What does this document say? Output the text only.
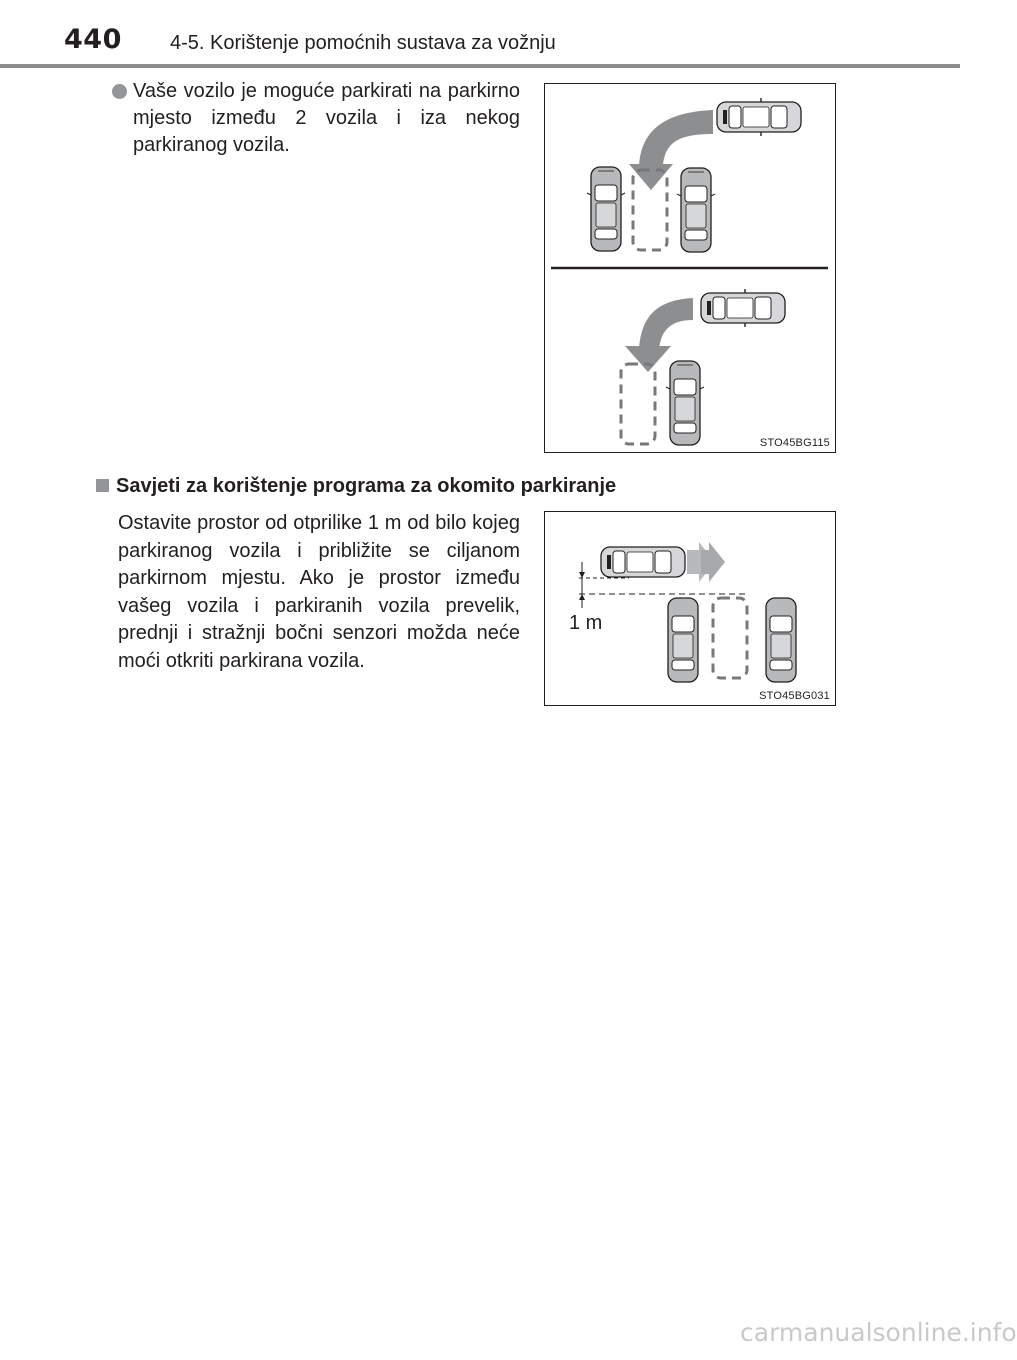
440 4-5. Korištenje pomoćnih sustava za vožnju
Vaše vozilo je moguće parkirati na parkirno mjesto između 2 vozila i iza nekog parkiranog vozila.
STO45BG115
Savjeti za korištenje programa za okomito parkiranje
Ostavite prostor od otprilike 1 m od bilo kojeg parkiranog vozila i približite se ciljanom parkirnom mjestu. Ako je prostor između vašeg vozila i parkiranih vozila prevelik, prednji i stražnji bočni senzori možda neće moći otkriti parkirana vozila.
1 m
STO45BG031
carmanualsonline.info
